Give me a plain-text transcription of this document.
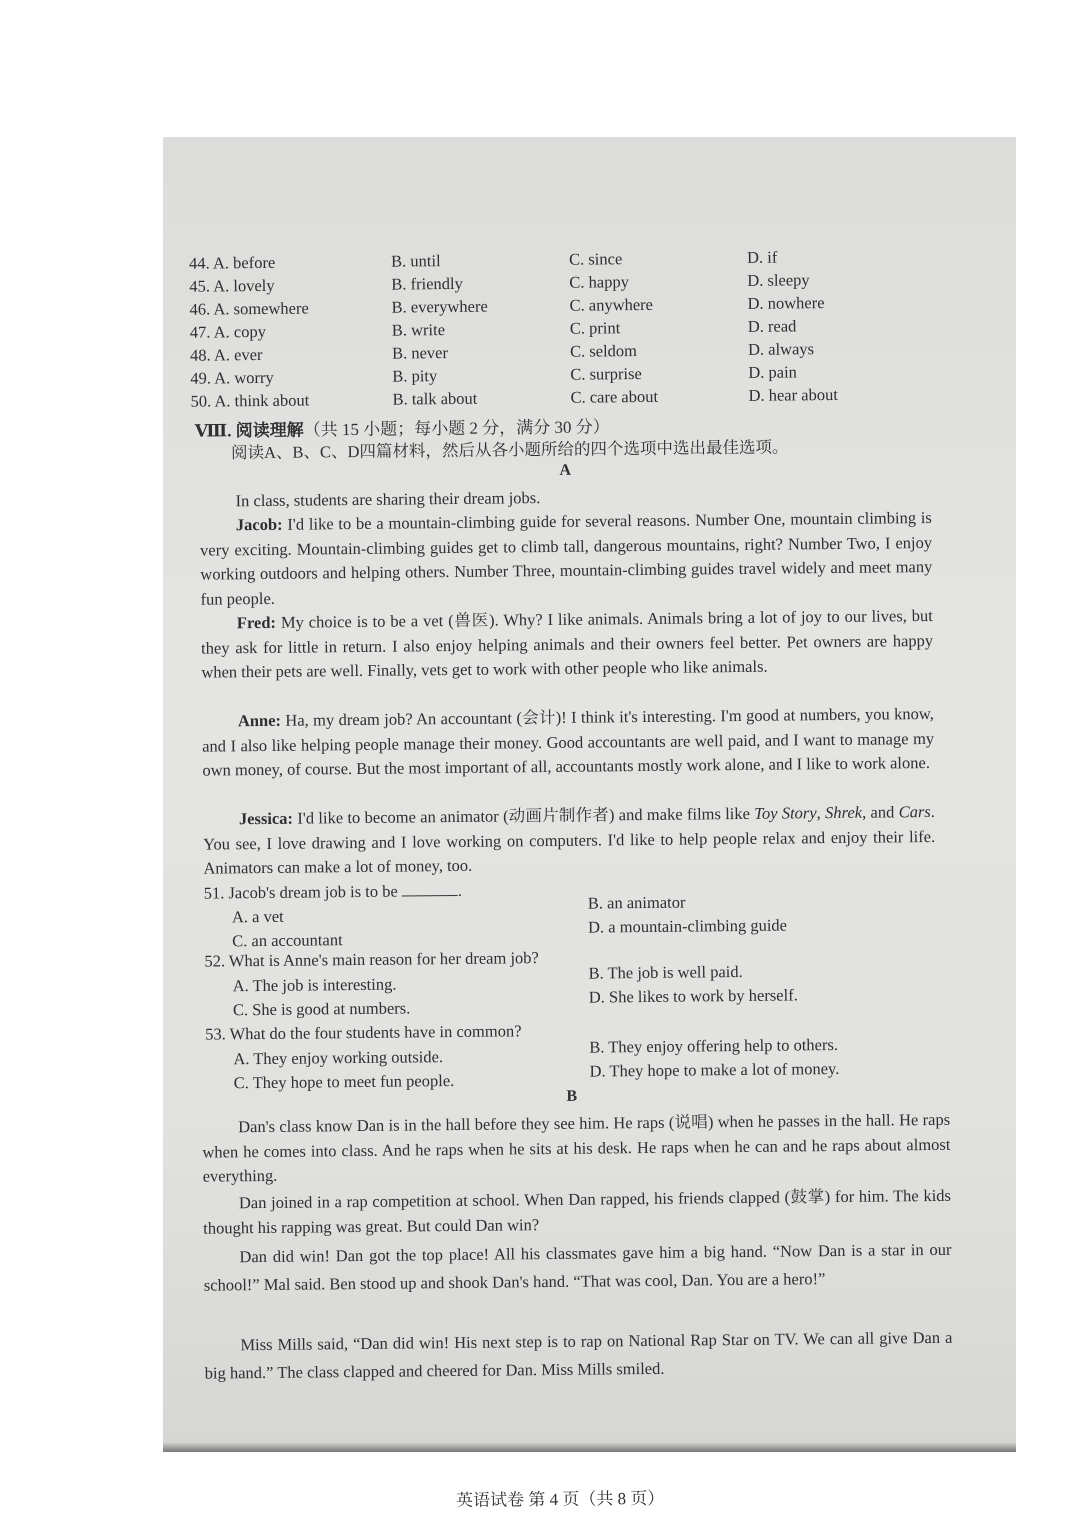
44. A. before	B. until	C. since	D. if
45. A. lovely	B. friendly	C. happy	D. sleepy
46. A. somewhere	B. everywhere	C. anywhere	D. nowhere
47. A. copy	B. write	C. print	D. read
48. A. ever	B. never	C. seldom	D. always
49. A. worry	B. pity	C. surprise	D. pain
50. A. think about	B. talk about	C. care about	D. hear about
Ⅷ. 阅读理解（共 15 小题；每小题 2 分，满分 30 分）
阅读A、B、C、D四篇材料，然后从各小题所给的四个选项中选出最佳选项。
A

In class, students are sharing their dream jobs.

Jacob: I'd like to be a mountain-climbing guide for several reasons. Number One, mountain climbing is very exciting. Mountain-climbing guides get to climb tall, dangerous mountains, right? Number Two, I enjoy working outdoors and helping others. Number Three, mountain-climbing guides travel widely and meet many fun people.

Fred: My choice is to be a vet (兽医). Why? I like animals. Animals bring a lot of joy to our lives, but they ask for little in return. I also enjoy helping animals and their owners feel better. Pet owners are happy when their pets are well. Finally, vets get to work with other people who like animals.

Anne: Ha, my dream job? An accountant (会计)! I think it's interesting. I'm good at numbers, you know, and I also like helping people manage their money. Good accountants are well paid, and I want to manage my own money, of course. But the most important of all, accountants mostly work alone, and I like to work alone.

Jessica: I'd like to become an animator (动画片制作者) and make films like Toy Story, Shrek, and Cars. You see, I love drawing and I love working on computers. I'd like to help people relax and enjoy their life. Animators can make a lot of money, too.

51. Jacob's dream job is to be	.
A. a vet
B. an animator
C. an accountant
D. a mountain-climbing guide
52. What is Anne's main reason for her dream job?
A. The job is interesting.
B. The job is well paid.
C. She is good at numbers.
D. She likes to work by herself.
53. What do the four students have in common?
A. They enjoy working outside.
B. They enjoy offering help to others.
C. They hope to meet fun people.
D. They hope to make a lot of money.
B

Dan's class know Dan is in the hall before they see him. He raps (说唱) when he passes in the hall. He raps when he comes into class. And he raps when he sits at his desk. He raps when he can and he raps about almost everything.

Dan joined in a rap competition at school. When Dan rapped, his friends clapped (鼓掌) for him. The kids thought his rapping was great. But could Dan win?

Dan did win! Dan got the top place! All his classmates gave him a big hand. “Now Dan is a star in our school!” Mal said. Ben stood up and shook Dan's hand. “That was cool, Dan. You are a hero!”

Miss Mills said, “Dan did win! His next step is to rap on National Rap Star on TV. We can all give Dan a big hand.” The class clapped and cheered for Dan. Miss Mills smiled.

英语试卷 第 4 页（共 8 页）
